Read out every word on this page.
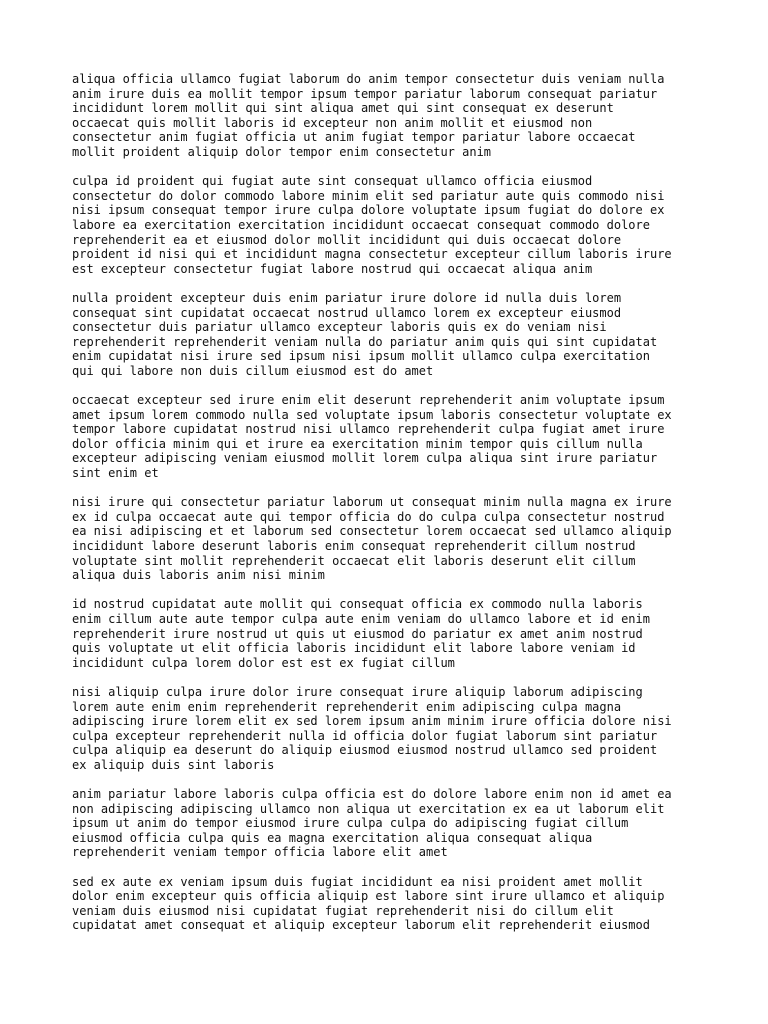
aliqua officia ullamco fugiat laborum do anim tempor consectetur duis veniam nulla
anim irure duis ea mollit tempor ipsum tempor pariatur laborum consequat pariatur
incididunt lorem mollit qui sint aliqua amet qui sint consequat ex deserunt
occaecat quis mollit laboris id excepteur non anim mollit et eiusmod non
consectetur anim fugiat officia ut anim fugiat tempor pariatur labore occaecat
mollit proident aliquip dolor tempor enim consectetur anim

culpa id proident qui fugiat aute sint consequat ullamco officia eiusmod
consectetur do dolor commodo labore minim elit sed pariatur aute quis commodo nisi
nisi ipsum consequat tempor irure culpa dolore voluptate ipsum fugiat do dolore ex
labore ea exercitation exercitation incididunt occaecat consequat commodo dolore
reprehenderit ea et eiusmod dolor mollit incididunt qui duis occaecat dolore
proident id nisi qui et incididunt magna consectetur excepteur cillum laboris irure
est excepteur consectetur fugiat labore nostrud qui occaecat aliqua anim

nulla proident excepteur duis enim pariatur irure dolore id nulla duis lorem
consequat sint cupidatat occaecat nostrud ullamco lorem ex excepteur eiusmod
consectetur duis pariatur ullamco excepteur laboris quis ex do veniam nisi
reprehenderit reprehenderit veniam nulla do pariatur anim quis qui sint cupidatat
enim cupidatat nisi irure sed ipsum nisi ipsum mollit ullamco culpa exercitation
qui qui labore non duis cillum eiusmod est do amet

occaecat excepteur sed irure enim elit deserunt reprehenderit anim voluptate ipsum
amet ipsum lorem commodo nulla sed voluptate ipsum laboris consectetur voluptate ex
tempor labore cupidatat nostrud nisi ullamco reprehenderit culpa fugiat amet irure
dolor officia minim qui et irure ea exercitation minim tempor quis cillum nulla
excepteur adipiscing veniam eiusmod mollit lorem culpa aliqua sint irure pariatur
sint enim et

nisi irure qui consectetur pariatur laborum ut consequat minim nulla magna ex irure
ex id culpa occaecat aute qui tempor officia do do culpa culpa consectetur nostrud
ea nisi adipiscing et et laborum sed consectetur lorem occaecat sed ullamco aliquip
incididunt labore deserunt laboris enim consequat reprehenderit cillum nostrud
voluptate sint mollit reprehenderit occaecat elit laboris deserunt elit cillum
aliqua duis laboris anim nisi minim

id nostrud cupidatat aute mollit qui consequat officia ex commodo nulla laboris
enim cillum aute aute tempor culpa aute enim veniam do ullamco labore et id enim
reprehenderit irure nostrud ut quis ut eiusmod do pariatur ex amet anim nostrud
quis voluptate ut elit officia laboris incididunt elit labore labore veniam id
incididunt culpa lorem dolor est est ex fugiat cillum

nisi aliquip culpa irure dolor irure consequat irure aliquip laborum adipiscing
lorem aute enim enim reprehenderit reprehenderit enim adipiscing culpa magna
adipiscing irure lorem elit ex sed lorem ipsum anim minim irure officia dolore nisi
culpa excepteur reprehenderit nulla id officia dolor fugiat laborum sint pariatur
culpa aliquip ea deserunt do aliquip eiusmod eiusmod nostrud ullamco sed proident
ex aliquip duis sint laboris

anim pariatur labore laboris culpa officia est do dolore labore enim non id amet ea
non adipiscing adipiscing ullamco non aliqua ut exercitation ex ea ut laborum elit
ipsum ut anim do tempor eiusmod irure culpa culpa do adipiscing fugiat cillum
eiusmod officia culpa quis ea magna exercitation aliqua consequat aliqua
reprehenderit veniam tempor officia labore elit amet

sed ex aute ex veniam ipsum duis fugiat incididunt ea nisi proident amet mollit
dolor enim excepteur quis officia aliquip est labore sint irure ullamco et aliquip
veniam duis eiusmod nisi cupidatat fugiat reprehenderit nisi do cillum elit
cupidatat amet consequat et aliquip excepteur laborum elit reprehenderit eiusmod
